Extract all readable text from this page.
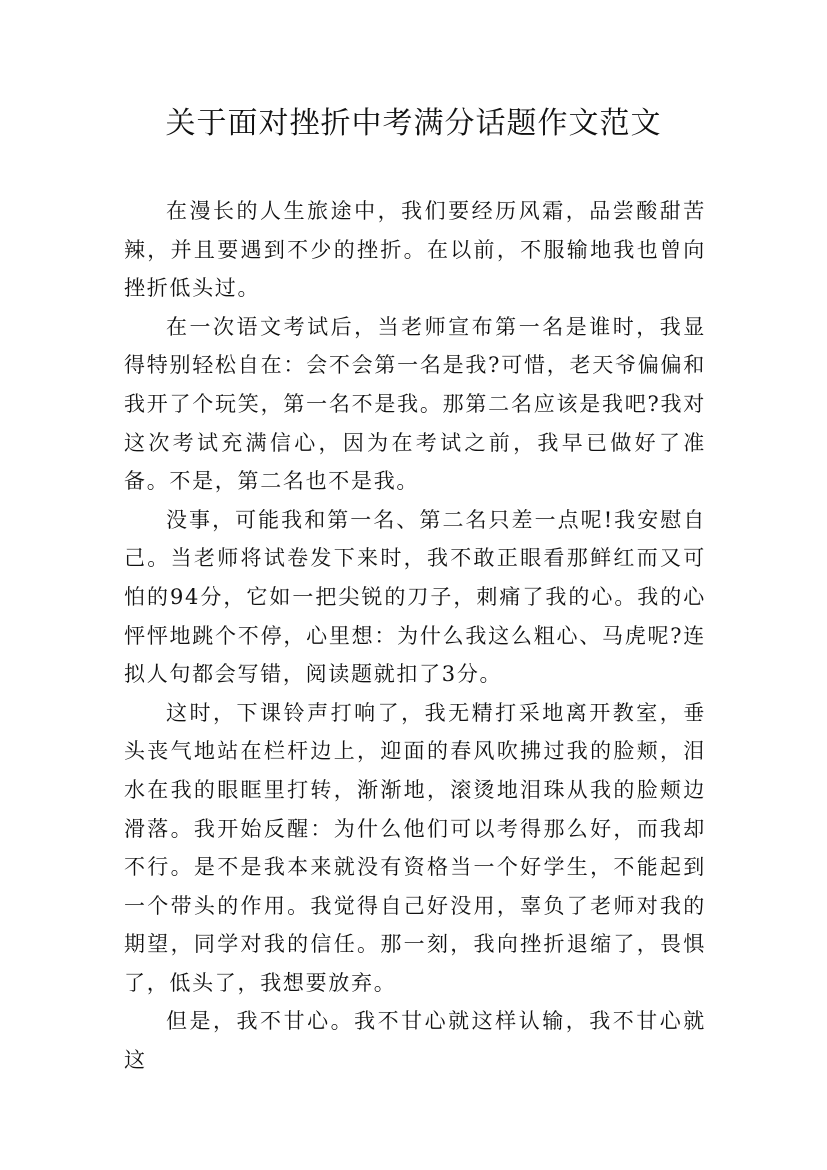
关于面对挫折中考满分话题作文范文

在漫长的人生旅途中，我们要经历风霜，品尝酸甜苦辣，并且要遇到不少的挫折。在以前，不服输地我也曾向挫折低头过。

在一次语文考试后，当老师宣布第一名是谁时，我显得特别轻松自在：会不会第一名是我?可惜，老天爷偏偏和我开了个玩笑，第一名不是我。那第二名应该是我吧?我对这次考试充满信心，因为在考试之前，我早已做好了准备。不是，第二名也不是我。

没事，可能我和第一名、第二名只差一点呢!我安慰自己。当老师将试卷发下来时，我不敢正眼看那鲜红而又可怕的94分，它如一把尖锐的刀子，刺痛了我的心。我的心怦怦地跳个不停，心里想：为什么我这么粗心、马虎呢?连拟人句都会写错，阅读题就扣了3分。

这时，下课铃声打响了，我无精打采地离开教室，垂头丧气地站在栏杆边上，迎面的春风吹拂过我的脸颊，泪水在我的眼眶里打转，渐渐地，滚烫地泪珠从我的脸颊边滑落。我开始反醒：为什么他们可以考得那么好，而我却不行。是不是我本来就没有资格当一个好学生，不能起到一个带头的作用。我觉得自己好没用，辜负了老师对我的期望，同学对我的信任。那一刻，我向挫折退缩了，畏惧了，低头了，我想要放弃。

但是，我不甘心。我不甘心就这样认输，我不甘心就这
